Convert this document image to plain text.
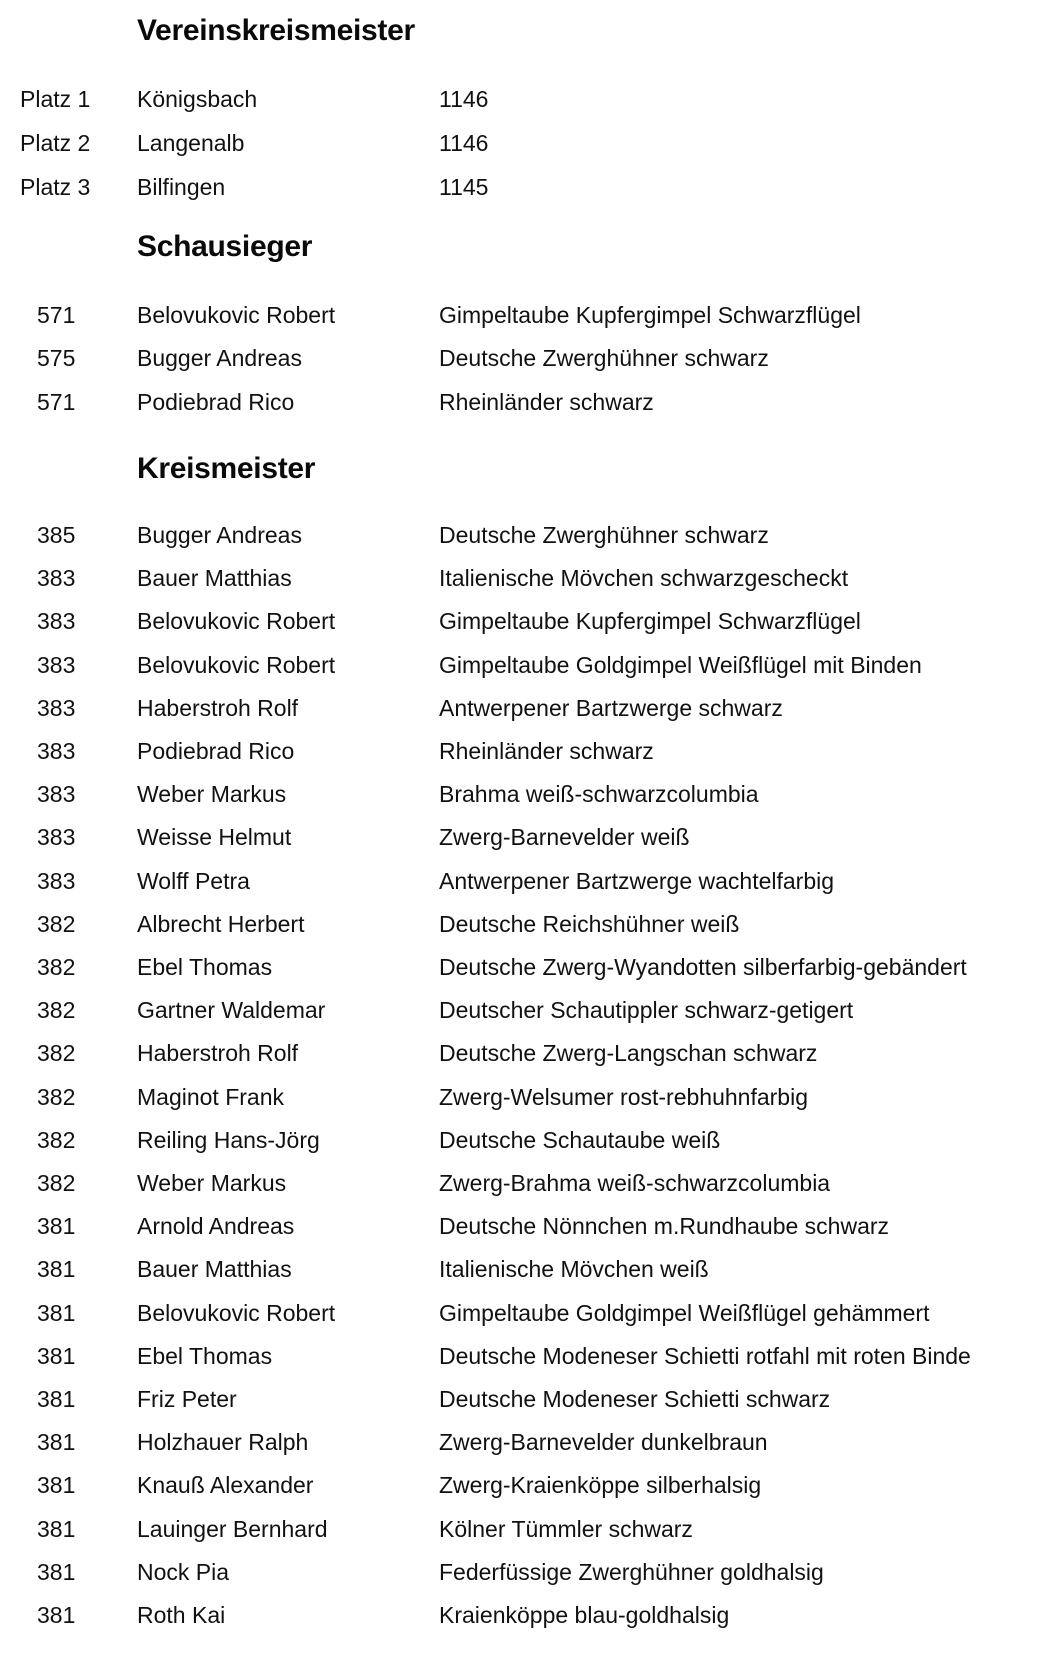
Vereinskreismeister
Platz 1 Königsbach	1146
Platz 2 Langenalb	1146
Platz 3 Bilfingen	1145
Schausieger
571	Belovukovic Robert	Gimpeltaube Kupfergimpel Schwarzflügel
575	Bugger Andreas	Deutsche Zwerghühner schwarz
571	Podiebrad Rico	Rheinländer schwarz
Kreismeister
385	Bugger Andreas	Deutsche Zwerghühner schwarz
383	Bauer Matthias	Italienische Mövchen schwarzgescheckt
383	Belovukovic Robert	Gimpeltaube Kupfergimpel Schwarzflügel
383	Belovukovic Robert	Gimpeltaube Goldgimpel Weißflügel mit Binden
383	Haberstroh Rolf	Antwerpener Bartzwerge schwarz
383	Podiebrad Rico	Rheinländer schwarz
383	Weber Markus	Brahma weiß-schwarzcolumbia
383	Weisse Helmut	Zwerg-Barnevelder weiß
383	Wolff Petra	Antwerpener Bartzwerge wachtelfarbig
382	Albrecht Herbert	Deutsche Reichshühner weiß
382	Ebel Thomas	Deutsche Zwerg-Wyandotten silberfarbig-gebändert
382	Gartner Waldemar	Deutscher Schautippler schwarz-getigert
382	Haberstroh Rolf	Deutsche Zwerg-Langschan schwarz
382	Maginot Frank	Zwerg-Welsumer rost-rebhuhnfarbig
382	Reiling Hans-Jörg	Deutsche Schautaube weiß
382	Weber Markus	Zwerg-Brahma weiß-schwarzcolumbia
381	Arnold Andreas	Deutsche Nönnchen m.Rundhaube schwarz
381	Bauer Matthias	Italienische Mövchen weiß
381	Belovukovic Robert	Gimpeltaube Goldgimpel Weißflügel gehämmert
381	Ebel Thomas	Deutsche Modeneser Schietti rotfahl mit roten Binde
381	Friz Peter	Deutsche Modeneser Schietti schwarz
381	Holzhauer Ralph	Zwerg-Barnevelder dunkelbraun
381	Knauß Alexander	Zwerg-Kraienköppe silberhalsig
381	Lauinger Bernhard	Kölner Tümmler schwarz
381	Nock Pia	Federfüssige Zwerghühner goldhalsig
381	Roth Kai	Kraienköppe blau-goldhalsig
